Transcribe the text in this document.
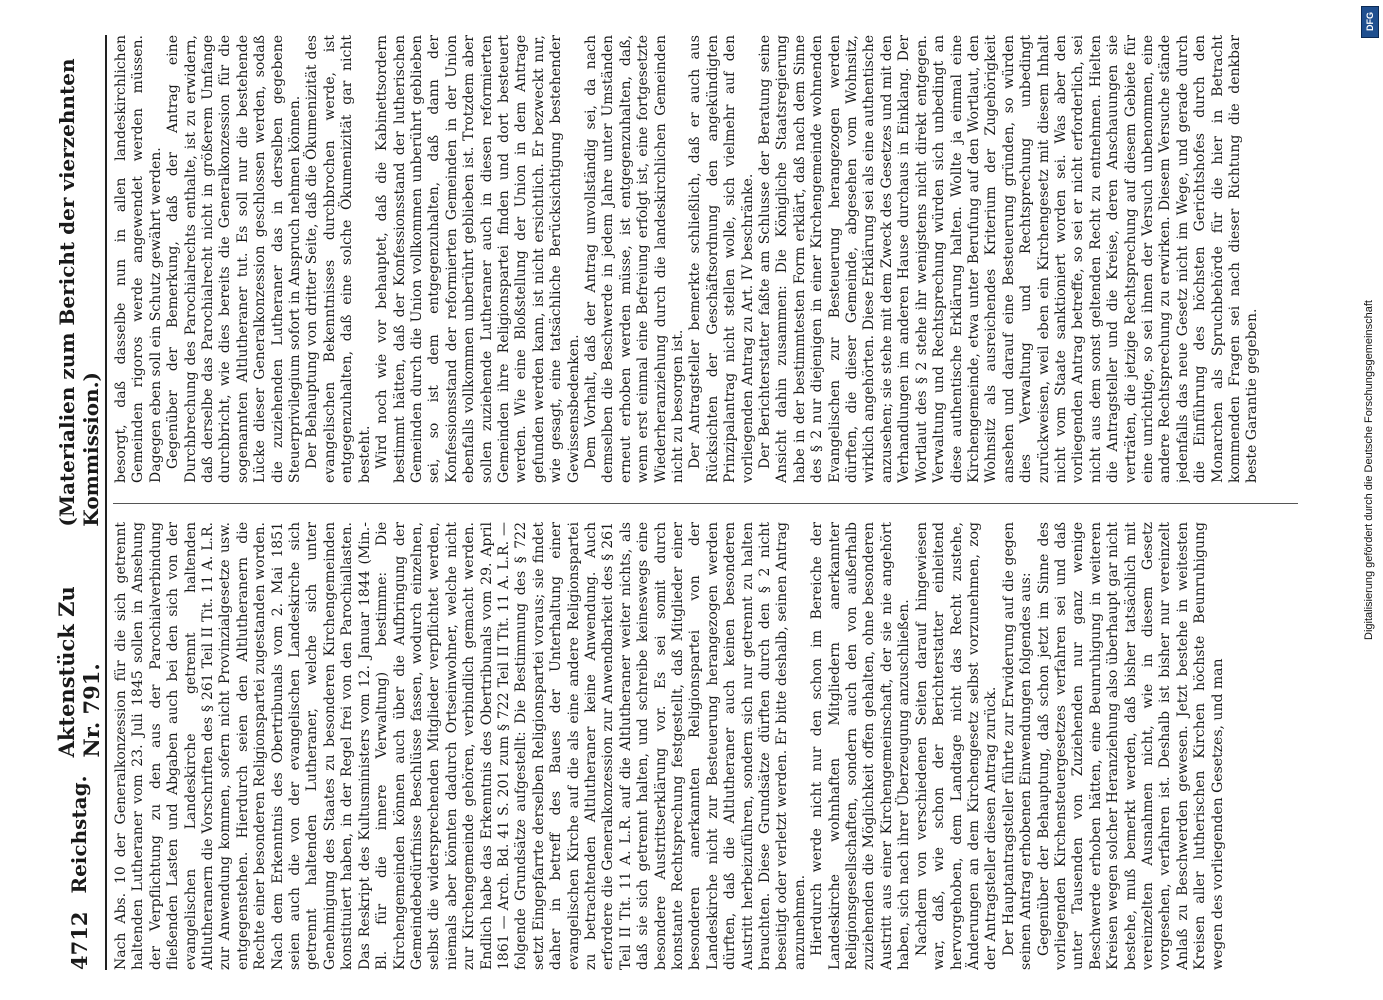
4712
Reichstag.
Aktenstück Zu Nr. 791.
(Materialien zum Bericht der vierzehnten Kommission.)

Nach Abs. 10 der Generalkonzession für die sich getrennt haltenden Lutheraner vom 23. Juli 1845 sollen in Ansehung der Verpflichtung zu den aus der Parochialverbindung fließenden Lasten und Abgaben auch bei den sich von der evangelischen Landeskirche getrennt haltenden Altlutheranern die Vorschriften des § 261 Teil II Tit. 11 A. L.R. zur Anwendung kommen, sofern nicht Provinzialgesetze usw. entgegenstehen. Hierdurch seien den Altlutheranern die Rechte einer besonderen Religionspartei zugestanden worden. Nach dem Erkenntnis des Obertribunals vom 2. Mai 1851 seien auch die von der evangelischen Landeskirche sich getrennt haltenden Lutheraner, welche sich unter Genehmigung des Staates zu besonderen Kirchengemeinden konstituiert haben, in der Regel frei von den Parochiallasten. Das Reskript des Kultusministers vom 12. Januar 1844 (Min.-Bl. für die innere Verwaltung) bestimme: Die Kirchengemeinden können auch über die Aufbringung der Gemeindebedürfnisse Beschlüsse fassen, wodurch einzelnen, selbst die widersprechenden Mitglieder verpflichtet werden, niemals aber könnten dadurch Ortseinwohner, welche nicht zur Kirchengemeinde gehören, verbindlich gemacht werden. Endlich habe das Erkenntnis des Obertribunals vom 29. April 1861 — Arch. Bd. 41 S. 201 zum § 722 Teil II Tit. 11 A. L.R. — folgende Grundsätze aufgestellt: Die Bestimmung des § 722 setzt Eingepfarrte derselben Religionspartei voraus; sie findet daher in betreff des Baues der Unterhaltung einer evangelischen Kirche auf die als eine andere Religionspartei zu betrachtenden Altlutheraner keine Anwendung. Auch erfordere die Generalkonzession zur Anwendbarkeit des § 261 Teil II Tit. 11 A. L.R. auf die Altlutheraner weiter nichts, als daß sie sich getrennt halten, und schreibe keineswegs eine besondere Austrittserklärung vor. Es sei somit durch konstante Rechtsprechung festgestellt, daß Mitglieder einer besonderen anerkannten Religionspartei von der Landeskirche nicht zur Besteuerung herangezogen werden dürften, daß die Altlutheraner auch keinen besonderen Austritt herbeizuführen, sondern sich nur getrennt zu halten brauchten. Diese Grundsätze dürften durch den § 2 nicht beseitigt oder verletzt werden. Er bitte deshalb, seinen Antrag anzunehmen. Hierdurch werde nicht nur den schon im Bereiche der Landeskirche wohnhaften Mitgliedern anerkannter Religionsgesellschaften, sondern auch den von außerhalb zuziehenden die Möglichkeit offen gehalten, ohne besonderen Austritt aus einer Kirchengemeinschaft, der sie nie angehört haben, sich nach ihrer Überzeugung anzuschließen. Nachdem von verschiedenen Seiten darauf hingewiesen war, daß, wie schon der Berichterstatter einleitend hervorgehoben, dem Landtage nicht das Recht zustehe, Änderungen an dem Kirchengesetz selbst vorzunehmen, zog der Antragsteller diesen Antrag zurück. Der Hauptantragsteller führte zur Erwiderung auf die gegen seinen Antrag erhobenen Einwendungen folgendes aus: Gegenüber der Behauptung, daß schon jetzt im Sinne des vorliegenden Kirchensteuergesetzes verfahren sei und daß unter Tausenden von Zuziehenden nur ganz wenige Beschwerde erhoben hätten, eine Beunruhigung in weiteren Kreisen wegen solcher Heranziehung also überhaupt gar nicht bestehe, muß bemerkt werden, daß bisher tatsächlich mit vereinzelten Ausnahmen nicht, wie in diesem Gesetz vorgesehen, verfahren ist. Deshalb ist bisher nur vereinzelt Anlaß zu Beschwerden gewesen. Jetzt bestehe in weitesten Kreisen aller lutherischen Kirchen höchste Beunruhigung wegen des vorliegenden Gesetzes, und man

besorgt, daß dasselbe nun in allen landeskirchlichen Gemeinden rigoros werde angewendet werden müssen. Dagegen eben soll ein Schutz gewährt werden. Gegenüber der Bemerkung, daß der Antrag eine Durchbrechung des Parochialrechts enthalte, ist zu erwidern, daß derselbe das Parochialrecht nicht in größerem Umfange durchbricht, wie dies bereits die Generalkonzession für die sogenannten Altlutheraner tut. Es soll nur die bestehende Lücke dieser Generalkonzession geschlossen werden, sodaß die zuziehenden Lutheraner das in derselben gegebene Steuerprivilegium sofort in Anspruch nehmen können. Der Behauptung von dritter Seite, daß die Ökumenizität des evangelischen Bekenntnisses durchbrochen werde, ist entgegenzuhalten, daß eine solche Ökumenizität gar nicht besteht. Wird noch wie vor behauptet, daß die Kabinettsordern bestimmt hätten, daß der Konfessionsstand der lutherischen Gemeinden durch die Union vollkommen unberührt geblieben sei, so ist dem entgegenzuhalten, daß dann der Konfessionsstand der reformierten Gemeinden in der Union ebenfalls vollkommen unberührt geblieben ist. Trotzdem aber sollen zuziehende Lutheraner auch in diesen reformierten Gemeinden ihre Religionspartei finden und dort besteuert werden. Wie eine Bloßstellung der Union in dem Antrage gefunden werden kann, ist nicht ersichtlich. Er bezweckt nur, wie gesagt, eine tatsächliche Berücksichtigung bestehender Gewissensbedenken. Dem Vorhalt, daß der Antrag unvollständig sei, da nach demselben die Beschwerde in jedem Jahre unter Umständen erneut erhoben werden müsse, ist entgegenzuhalten, daß, wenn erst einmal eine Befreiung erfolgt ist, eine fortgesetzte Wiederheranziehung durch die landeskirchlichen Gemeinden nicht zu besorgen ist. Der Antragsteller bemerkte schließlich, daß er auch aus Rücksichten der Geschäftsordnung den angekündigten Prinzipalantrag nicht stellen wolle, sich vielmehr auf den vorliegenden Antrag zu Art. IV beschränke. Der Berichterstatter faßte am Schlusse der Beratung seine Ansicht dahin zusammen: Die Königliche Staatsregierung habe in der bestimmtesten Form erklärt, daß nach dem Sinne des § 2 nur diejenigen in einer Kirchengemeinde wohnenden Evangelischen zur Besteuerung herangezogen werden dürften, die dieser Gemeinde, abgesehen vom Wohnsitz, wirklich angehörten. Diese Erklärung sei als eine authentische anzusehen; sie stehe mit dem Zweck des Gesetzes und mit den Verhandlungen im anderen Hause durchaus in Einklang. Der Wortlaut des § 2 stehe ihr wenigstens nicht direkt entgegen. Verwaltung und Rechtsprechung würden sich unbedingt an diese authentische Erklärung halten. Wollte ja einmal eine Kirchengemeinde, etwa unter Berufung auf den Wortlaut, den Wohnsitz als ausreichendes Kriterium der Zugehörigkeit ansehen und darauf eine Besteuerung gründen, so würden dies Verwaltung und Rechtsprechung unbedingt zurückweisen, weil eben ein Kirchengesetz mit diesem Inhalt nicht vom Staate sanktioniert worden sei. Was aber den vorliegenden Antrag betreffe, so sei er nicht erforderlich, sei nicht aus dem sonst geltenden Recht zu entnehmen. Hielten die Antragsteller und die Kreise, deren Anschauungen sie verträten, die jetzige Rechtsprechung auf diesem Gebiete für eine unrichtige, so sei ihnen der Versuch unbenommen, eine andere Rechtsprechung zu erwirken. Diesem Versuche stände jedenfalls das neue Gesetz nicht im Wege, und gerade durch die Einführung des höchsten Gerichtshofes durch den Monarchen als Spruchbehörde für die hier in Betracht kommenden Fragen sei nach dieser Richtung die denkbar beste Garantie gegeben.

DFG
Digitalisierung gefördert durch die Deutsche Forschungsgemeinschaft
